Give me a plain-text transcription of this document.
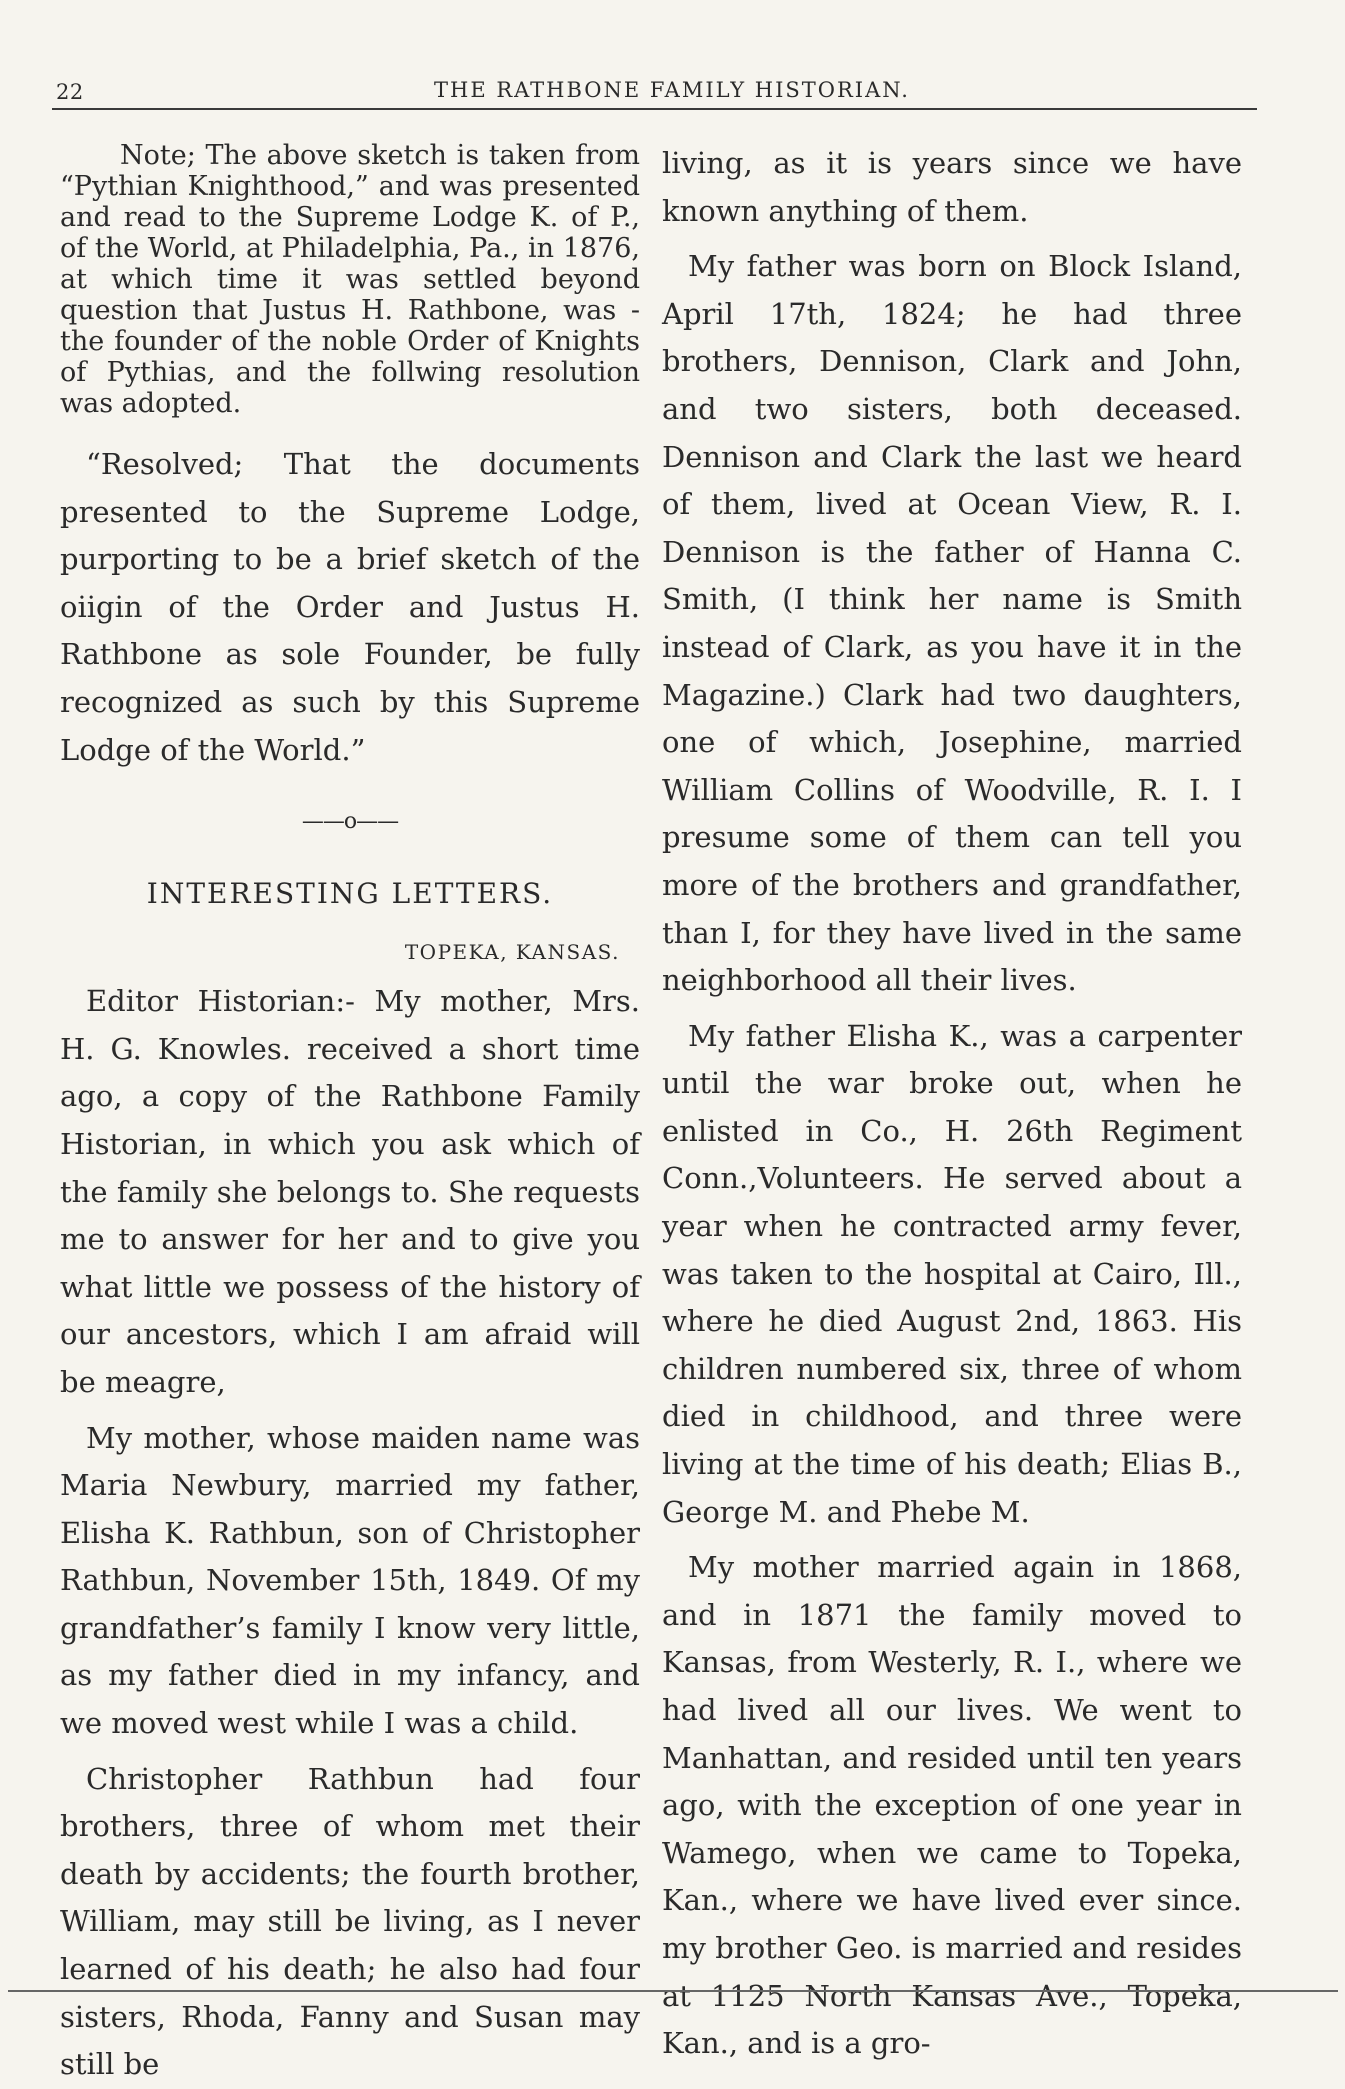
22	THE RATHBONE FAMILY HISTORIAN.

Note; The above sketch is taken from “Pythian Knighthood,” and was presented and read to the Supreme Lodge K. of P., of the World, at Philadelphia, Pa., in 1876, at which time it was settled beyond question that Justus H. Rathbone, was -the founder of the noble Order of Knights of Pythias, and the follwing resolution was adopted.

“Resolved; That the documents presented to the Supreme Lodge, purporting to be a brief sketch of the oiigin of the Order and Justus H. Rathbone as sole Founder, be fully recognized as such by this Supreme Lodge of the World.”

——o——
INTERESTING LETTERS.
TOPEKA, KANSAS.

Editor Historian:- My mother, Mrs. H. G. Knowles. received a short time ago, a copy of the Rathbone Family Historian, in which you ask which of the family she belongs to. She requests me to answer for her and to give you what little we possess of the history of our ancestors, which I am afraid will be meagre,

My mother, whose maiden name was Maria Newbury, married my father, Elisha K. Rathbun, son of Christopher Rathbun, November 15th, 1849. Of my grandfather’s family I know very little, as my father died in my infancy, and we moved west while I was a child.

Christopher Rathbun had four brothers, three of whom met their death by accidents; the fourth brother, William, may still be living, as I never learned of his death; he also had four sisters, Rhoda, Fanny and Susan may still be

living, as it is years since we have known anything of them.

My father was born on Block Island, April 17th, 1824; he had three brothers, Dennison, Clark and John, and two sisters, both deceased. Dennison and Clark the last we heard of them, lived at Ocean View, R. I. Dennison is the father of Hanna C. Smith, (I think her name is Smith instead of Clark, as you have it in the Magazine.) Clark had two daughters, one of which, Josephine, married William Collins of Woodville, R. I. I presume some of them can tell you more of the brothers and grandfather, than I, for they have lived in the same neighborhood all their lives.

My father Elisha K., was a carpenter until the war broke out, when he enlisted in Co., H. 26th Regiment Conn.,Volunteers. He served about a year when he contracted army fever, was taken to the hospital at Cairo, Ill., where he died August 2nd, 1863. His children numbered six, three of whom died in childhood, and three were living at the time of his death; Elias B., George M. and Phebe M.

My mother married again in 1868, and in 1871 the family moved to Kansas, from Westerly, R. I., where we had lived all our lives. We went to Manhattan, and resided until ten years ago, with the exception of one year in Wamego, when we came to Topeka, Kan., where we have lived ever since. my brother Geo. is married and resides at 1125 North Kansas Ave., Topeka, Kan., and is a gro-
